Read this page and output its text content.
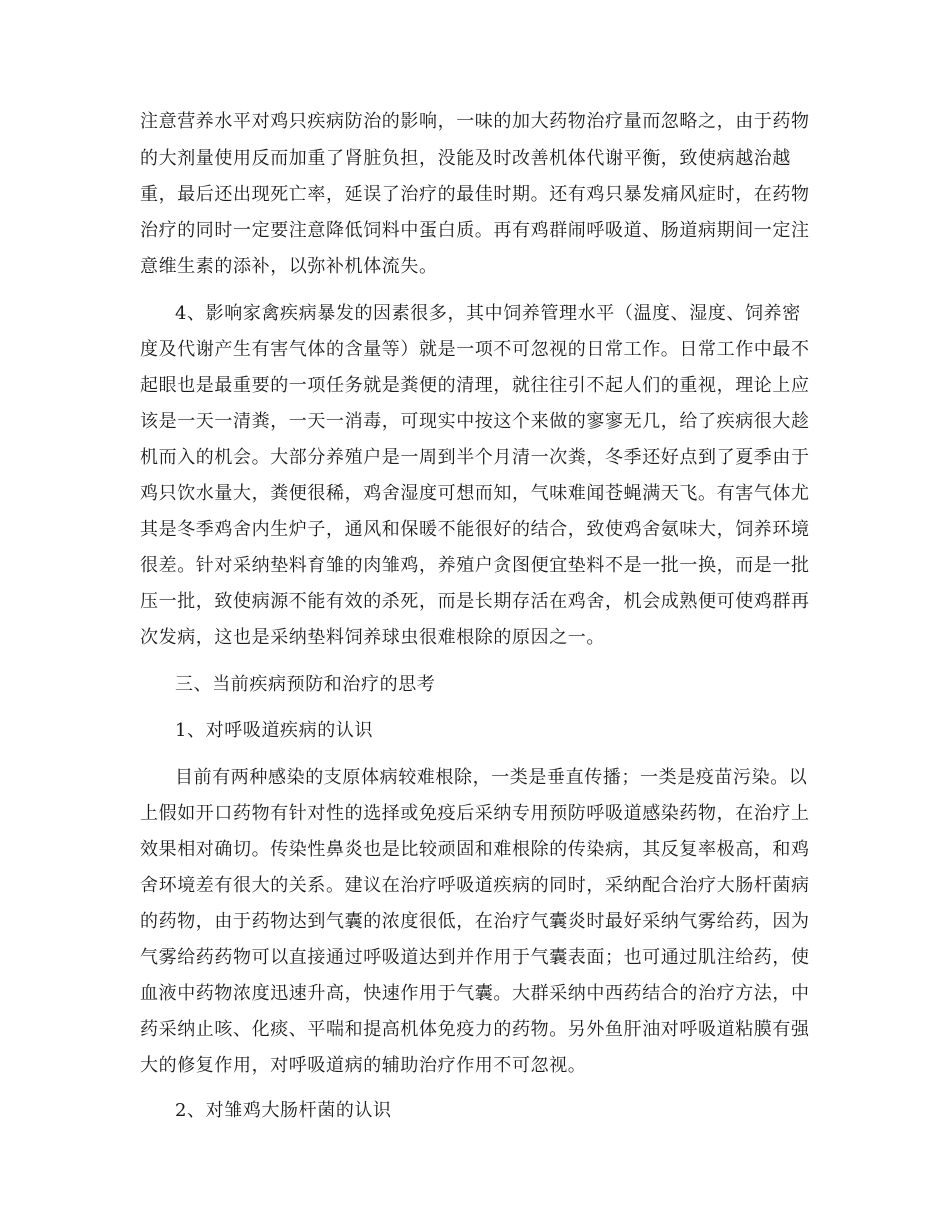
注意营养水平对鸡只疾病防治的影响，一味的加大药物治疗量而忽略之，由于药物
的大剂量使用反而加重了肾脏负担，没能及时改善机体代谢平衡，致使病越治越
重，最后还出现死亡率，延误了治疗的最佳时期。还有鸡只暴发痛风症时，在药物
治疗的同时一定要注意降低饲料中蛋白质。再有鸡群闹呼吸道、肠道病期间一定注
意维生素的添补，以弥补机体流失。
4、影响家禽疾病暴发的因素很多，其中饲养管理水平（温度、湿度、饲养密
度及代谢产生有害气体的含量等）就是一项不可忽视的日常工作。日常工作中最不
起眼也是最重要的一项任务就是粪便的清理，就往往引不起人们的重视，理论上应
该是一天一清粪，一天一消毒，可现实中按这个来做的寥寥无几，给了疾病很大趁
机而入的机会。大部分养殖户是一周到半个月清一次粪，冬季还好点到了夏季由于
鸡只饮水量大，粪便很稀，鸡舍湿度可想而知，气味难闻苍蝇满天飞。有害气体尤
其是冬季鸡舍内生炉子，通风和保暖不能很好的结合，致使鸡舍氨味大，饲养环境
很差。针对采纳垫料育雏的肉雏鸡，养殖户贪图便宜垫料不是一批一换，而是一批
压一批，致使病源不能有效的杀死，而是长期存活在鸡舍，机会成熟便可使鸡群再
次发病，这也是采纳垫料饲养球虫很难根除的原因之一。
三、当前疾病预防和治疗的思考
1、对呼吸道疾病的认识
目前有两种感染的支原体病较难根除，一类是垂直传播；一类是疫苗污染。以
上假如开口药物有针对性的选择或免疫后采纳专用预防呼吸道感染药物，在治疗上
效果相对确切。传染性鼻炎也是比较顽固和难根除的传染病，其反复率极高，和鸡
舍环境差有很大的关系。建议在治疗呼吸道疾病的同时，采纳配合治疗大肠杆菌病
的药物，由于药物达到气囊的浓度很低，在治疗气囊炎时最好采纳气雾给药，因为
气雾给药药物可以直接通过呼吸道达到并作用于气囊表面；也可通过肌注给药，使
血液中药物浓度迅速升高，快速作用于气囊。大群采纳中西药结合的治疗方法，中
药采纳止咳、化痰、平喘和提高机体免疫力的药物。另外鱼肝油对呼吸道粘膜有强
大的修复作用，对呼吸道病的辅助治疗作用不可忽视。
2、对雏鸡大肠杆菌的认识
